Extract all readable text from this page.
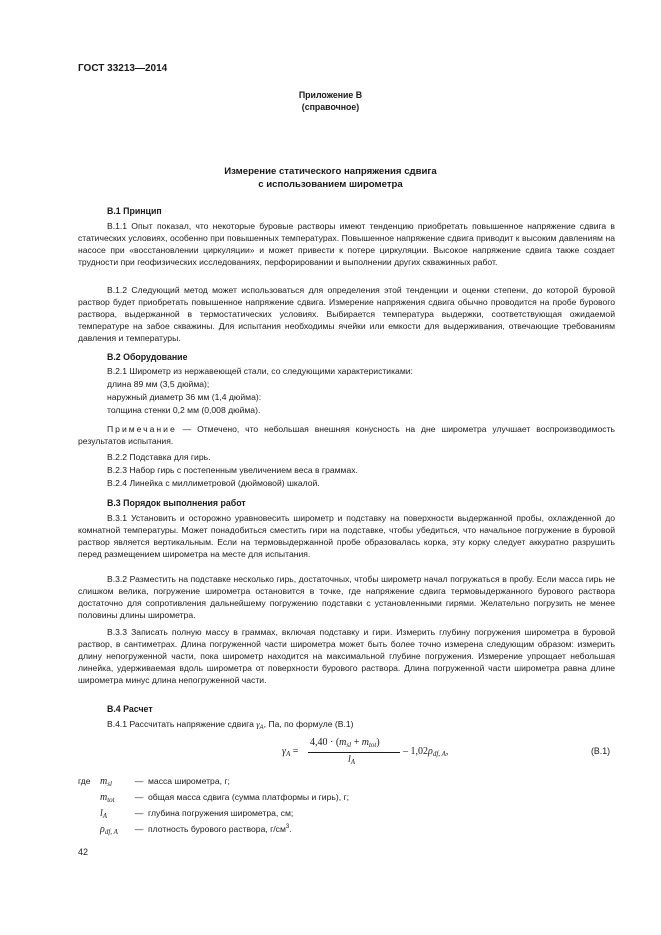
ГОСТ 33213—2014
Приложение В
(справочное)
Измерение статического напряжения сдвига
с использованием широметра
В.1 Принцип
В.1.1 Опыт показал, что некоторые буровые растворы имеют тенденцию приобретать повышенное напряжение сдвига в статических условиях, особенно при повышенных температурах. Повышенное напряжение сдвига приводит к высоким давлениям на насосе при «восстановлении циркуляции» и может привести к потере циркуляции. Высокое напряжение сдвига также создает трудности при геофизических исследованиях, перфорировании и выполнении других скважинных работ.
В.1.2 Следующий метод может использоваться для определения этой тенденции и оценки степени, до которой буровой раствор будет приобретать повышенное напряжение сдвига. Измерение напряжения сдвига обычно проводится на пробе бурового раствора, выдержанной в термостатических условиях. Выбирается температура выдержки, соответствующая ожидаемой температуре на забое скважины. Для испытания необходимы ячейки или емкости для выдерживания, отвечающие требованиям давления и температуры.
В.2 Оборудование
В.2.1 Широметр из нержавеющей стали, со следующими характеристиками:
длина 89 мм (3,5 дюйма);
наружный диаметр 36 мм (1,4 дюйма):
толщина стенки 0,2 мм (0,008 дюйма).
Примечание — Отмечено, что небольшая внешняя конусность на дне широметра улучшает воспроизводимость результатов испытания.
В.2.2 Подставка для гирь.
В.2.3 Набор гирь с постепенным увеличением веса в граммах.
В.2.4 Линейка с миллиметровой (дюймовой) шкалой.
В.3 Порядок выполнения работ
В.3.1 Установить и осторожно уравновесить широметр и подставку на поверхности выдержанной пробы, охлажденной до комнатной температуры. Может понадобиться сместить гири на подставке, чтобы убедиться, что начальное погружение в буровой раствор является вертикальным. Если на термовыдержанной пробе образовалась корка, эту корку следует аккуратно разрушить перед размещением широметра на месте для испытания.
В.3.2 Разместить на подставке несколько гирь, достаточных, чтобы широметр начал погружаться в пробу. Если масса гирь не слишком велика, погружение широметра остановится в точке, где напряжение сдвига термовыдержанного бурового раствора достаточно для сопротивления дальнейшему погружению подставки с установленными гирями. Желательно погрузить не менее половины длины широметра.
В.3.3 Записать полную массу в граммах, включая подставку и гири. Измерить глубину погружения широметра в буровой раствор, в сантиметрах. Длина погруженной части широметра может быть более точно измерена следующим образом: измерить длину непогруженной части, пока широметр находится на максимальной глубине погружения. Измерение упрощает небольшая линейка, удерживаемая вдоль широметра от поверхности бурового раствора. Длина погруженной части широметра равна длине широметра минус длина непогруженной части.
В.4 Расчет
В.4.1 Рассчитать напряжение сдвига $\gamma_A$, Па, по формуле (В.1)
$\gamma_A$ =
$4,40 \cdot (m_{sl} + m_{tot})$
$l_A$
– $1,02\rho_{df, A}$,	(В.1)
где $m_{sl}$	— масса широметра, г;
$m_{tot}$ — общая масса сдвига (сумма платформы и гирь), г;
$l_A$	— глубина погружения широметра, см;
$\rho_{df, A}$ — плотность бурового раствора, $г/см^3$.
42
